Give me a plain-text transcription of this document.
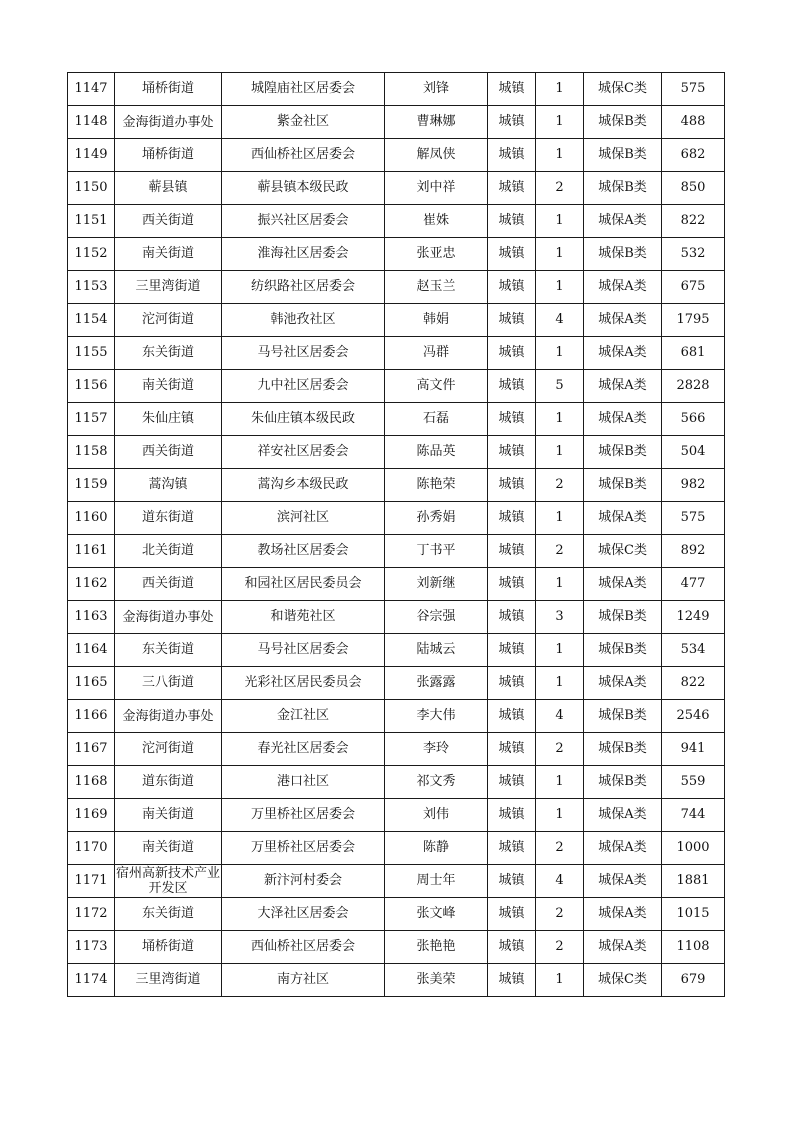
1147	埇桥街道	城隍庙社区居委会	刘锋	城镇	1	城保C类	575
1148	金海街道办事处	紫金社区	曹琳娜	城镇	1	城保B类	488
1149	埇桥街道	西仙桥社区居委会	解凤侠	城镇	1	城保B类	682
1150	蕲县镇	蕲县镇本级民政	刘中祥	城镇	2	城保B类	850
1151	西关街道	振兴社区居委会	崔姝	城镇	1	城保A类	822
1152	南关街道	淮海社区居委会	张亚忠	城镇	1	城保B类	532
1153	三里湾街道	纺织路社区居委会	赵玉兰	城镇	1	城保A类	675
1154	沱河街道	韩池孜社区	韩娟	城镇	4	城保A类	1795
1155	东关街道	马号社区居委会	冯群	城镇	1	城保A类	681
1156	南关街道	九中社区居委会	高文件	城镇	5	城保A类	2828
1157	朱仙庄镇	朱仙庄镇本级民政	石磊	城镇	1	城保A类	566
1158	西关街道	祥安社区居委会	陈品英	城镇	1	城保B类	504
1159	蒿沟镇	蒿沟乡本级民政	陈艳荣	城镇	2	城保B类	982
1160	道东街道	滨河社区	孙秀娟	城镇	1	城保A类	575
1161	北关街道	教场社区居委会	丁书平	城镇	2	城保C类	892
1162	西关街道	和园社区居民委员会	刘新继	城镇	1	城保A类	477
1163	金海街道办事处	和谐苑社区	谷宗强	城镇	3	城保B类	1249
1164	东关街道	马号社区居委会	陆城云	城镇	1	城保B类	534
1165	三八街道	光彩社区居民委员会	张露露	城镇	1	城保A类	822
1166	金海街道办事处	金江社区	李大伟	城镇	4	城保B类	2546
1167	沱河街道	春光社区居委会	李玲	城镇	2	城保B类	941
1168	道东街道	港口社区	祁文秀	城镇	1	城保B类	559
1169	南关街道	万里桥社区居委会	刘伟	城镇	1	城保A类	744
1170	南关街道	万里桥社区居委会	陈静	城镇	2	城保A类	1000
1171	宿州高新技术产业开发区	新汴河村委会	周士年	城镇	4	城保A类	1881
1172	东关街道	大泽社区居委会	张文峰	城镇	2	城保A类	1015
1173	埇桥街道	西仙桥社区居委会	张艳艳	城镇	2	城保A类	1108
1174	三里湾街道	南方社区	张美荣	城镇	1	城保C类	679
